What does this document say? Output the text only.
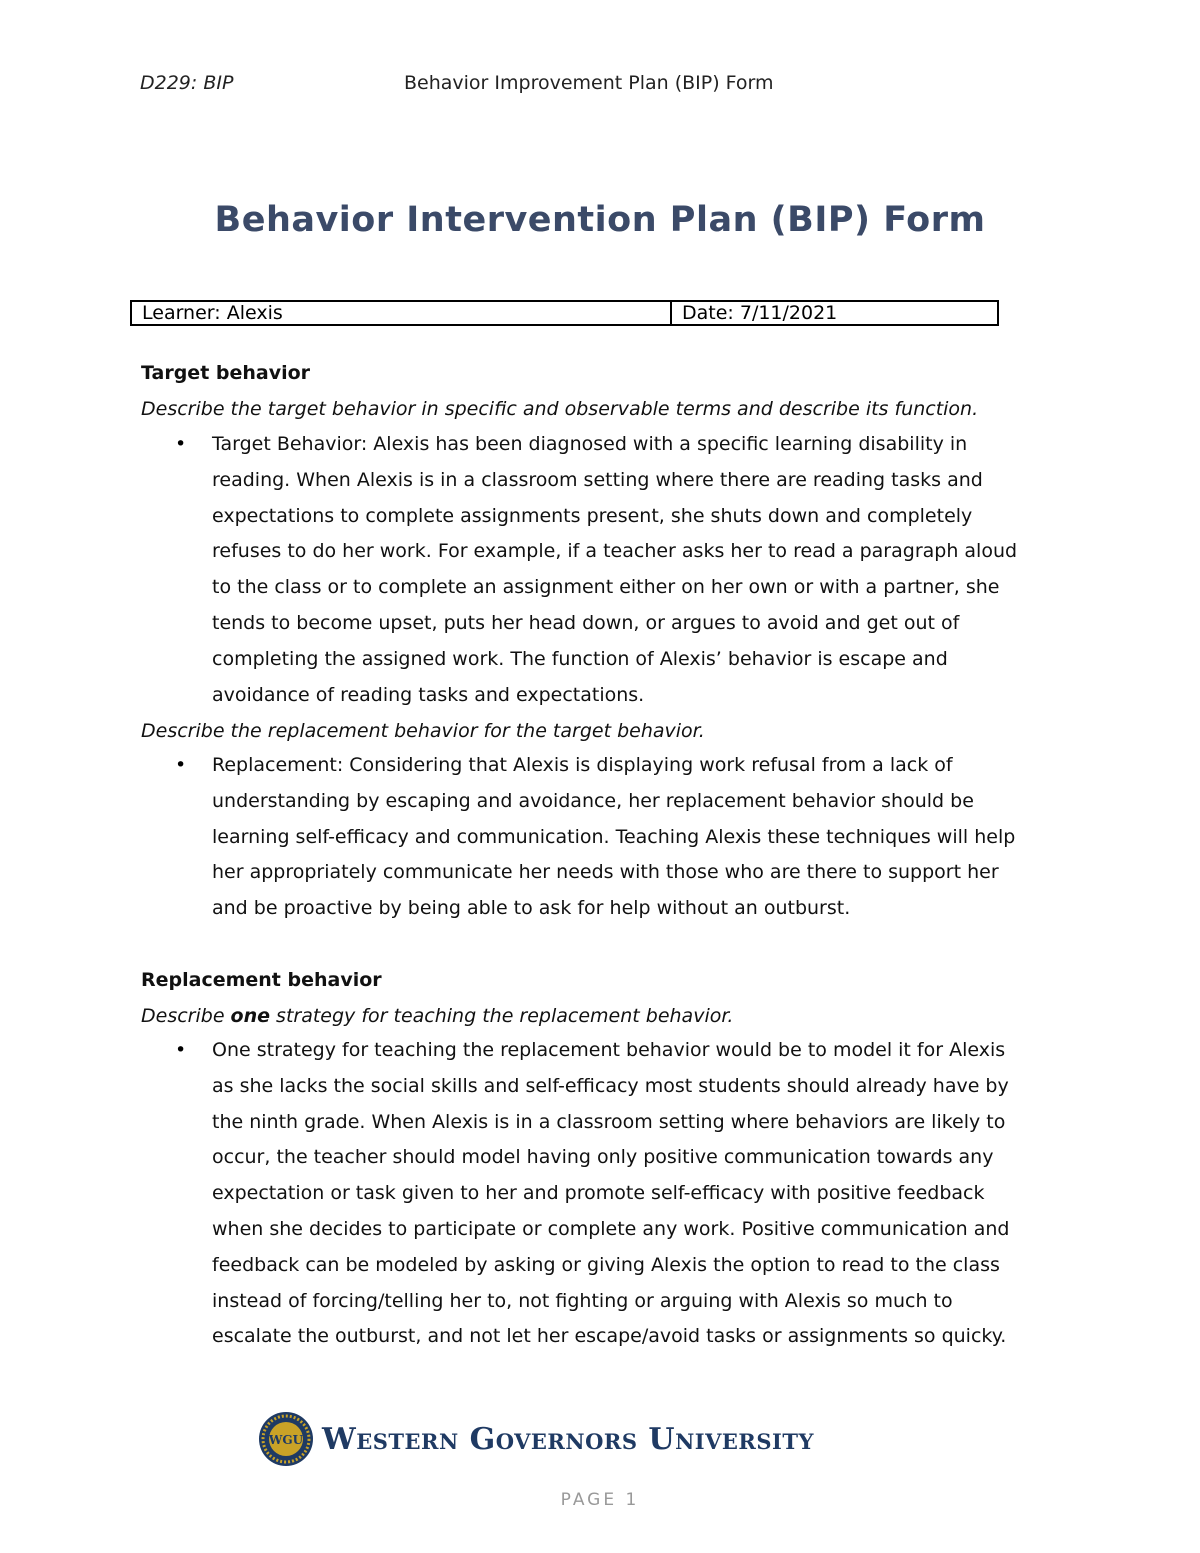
D229: BIP	Behavior Improvement Plan (BIP) Form
Behavior Intervention Plan (BIP) Form
Learner: Alexis	Date: 7/11/2021
Target behavior
Describe the target behavior in specific and observable terms and describe its function.
• Target Behavior: Alexis has been diagnosed with a specific learning disability in
reading. When Alexis is in a classroom setting where there are reading tasks and
expectations to complete assignments present, she shuts down and completely
refuses to do her work. For example, if a teacher asks her to read a paragraph aloud
to the class or to complete an assignment either on her own or with a partner, she
tends to become upset, puts her head down, or argues to avoid and get out of
completing the assigned work. The function of Alexis’ behavior is escape and
avoidance of reading tasks and expectations.
Describe the replacement behavior for the target behavior.
• Replacement: Considering that Alexis is displaying work refusal from a lack of
understanding by escaping and avoidance, her replacement behavior should be
learning self-efficacy and communication. Teaching Alexis these techniques will help
her appropriately communicate her needs with those who are there to support her
and be proactive by being able to ask for help without an outburst.
Replacement behavior
Describe one strategy for teaching the replacement behavior.
• One strategy for teaching the replacement behavior would be to model it for Alexis
as she lacks the social skills and self-efficacy most students should already have by
the ninth grade. When Alexis is in a classroom setting where behaviors are likely to
occur, the teacher should model having only positive communication towards any
expectation or task given to her and promote self-efficacy with positive feedback
when she decides to participate or complete any work. Positive communication and
feedback can be modeled by asking or giving Alexis the option to read to the class
instead of forcing/telling her to, not fighting or arguing with Alexis so much to
escalate the outburst, and not let her escape/avoid tasks or assignments so quicky.
WGU Western Governors University
PAGE 1
